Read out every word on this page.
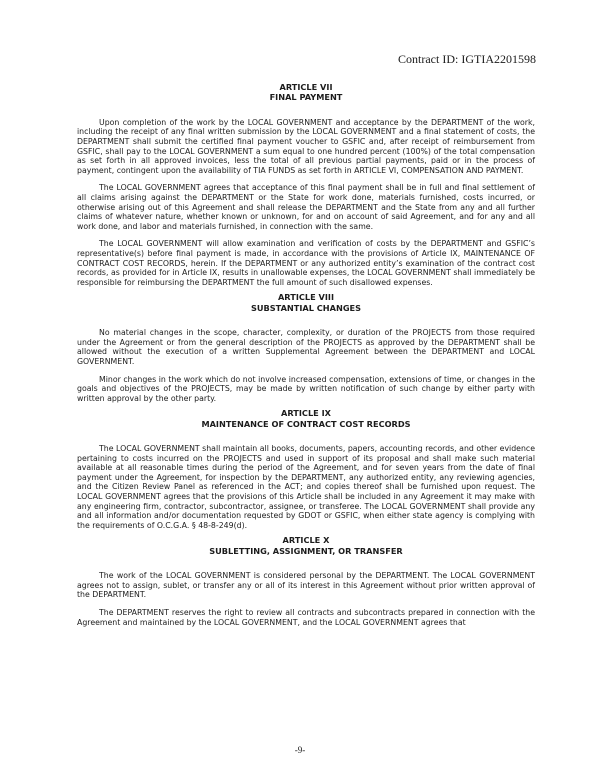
Contract ID: IGTIA2201598
ARTICLE VII
FINAL PAYMENT

Upon completion of the work by the LOCAL GOVERNMENT and acceptance by the DEPARTMENT of the work, including the receipt of any final written submission by the LOCAL GOVERNMENT and a final statement of costs, the DEPARTMENT shall submit the certified final payment voucher to GSFIC and, after receipt of reimbursement from GSFIC, shall pay to the LOCAL GOVERNMENT a sum equal to one hundred percent (100%) of the total compensation as set forth in all approved invoices, less the total of all previous partial payments, paid or in the process of payment, contingent upon the availability of TIA FUNDS as set forth in ARTICLE VI, COMPENSATION AND PAYMENT.

The LOCAL GOVERNMENT agrees that acceptance of this final payment shall be in full and final settlement of all claims arising against the DEPARTMENT or the State for work done, materials furnished, costs incurred, or otherwise arising out of this Agreement and shall release the DEPARTMENT and the State from any and all further claims of whatever nature, whether known or unknown, for and on account of said Agreement, and for any and all work done, and labor and materials furnished, in connection with the same.

The LOCAL GOVERNMENT will allow examination and verification of costs by the DEPARTMENT and GSFIC’s representative(s) before final payment is made, in accordance with the provisions of Article IX, MAINTENANCE OF CONTRACT COST RECORDS, herein. If the DEPARTMENT or any authorized entity’s examination of the contract cost records, as provided for in Article IX, results in unallowable expenses, the LOCAL GOVERNMENT shall immediately be responsible for reimbursing the DEPARTMENT the full amount of such disallowed expenses.

ARTICLE VIII
SUBSTANTIAL CHANGES

No material changes in the scope, character, complexity, or duration of the PROJECTS from those required under the Agreement or from the general description of the PROJECTS as approved by the DEPARTMENT shall be allowed without the execution of a written Supplemental Agreement between the DEPARTMENT and LOCAL GOVERNMENT.

Minor changes in the work which do not involve increased compensation, extensions of time, or changes in the goals and objectives of the PROJECTS, may be made by written notification of such change by either party with written approval by the other party.

ARTICLE IX
MAINTENANCE OF CONTRACT COST RECORDS

The LOCAL GOVERNMENT shall maintain all books, documents, papers, accounting records, and other evidence pertaining to costs incurred on the PROJECTS and used in support of its proposal and shall make such material available at all reasonable times during the period of the Agreement, and for seven years from the date of final payment under the Agreement, for inspection by the DEPARTMENT, any authorized entity, any reviewing agencies, and the Citizen Review Panel as referenced in the ACT; and copies thereof shall be furnished upon request. The LOCAL GOVERNMENT agrees that the provisions of this Article shall be included in any Agreement it may make with any engineering firm, contractor, subcontractor, assignee, or transferee. The LOCAL GOVERNMENT shall provide any and all information and/or documentation requested by GDOT or GSFIC, when either state agency is complying with the requirements of O.C.G.A. § 48-8-249(d).

ARTICLE X
SUBLETTING, ASSIGNMENT, OR TRANSFER

The work of the LOCAL GOVERNMENT is considered personal by the DEPARTMENT. The LOCAL GOVERNMENT agrees not to assign, sublet, or transfer any or all of its interest in this Agreement without prior written approval of the DEPARTMENT.

The DEPARTMENT reserves the right to review all contracts and subcontracts prepared in connection with the Agreement and maintained by the LOCAL GOVERNMENT, and the LOCAL GOVERNMENT agrees that

-9-
